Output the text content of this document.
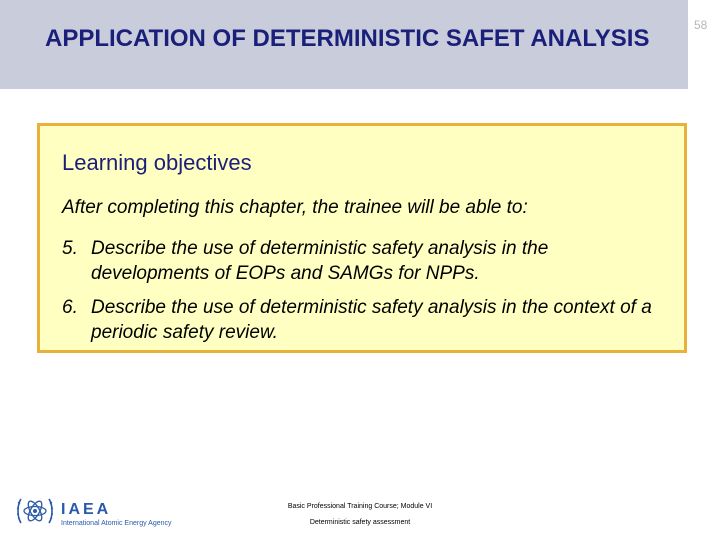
APPLICATION OF DETERMINISTIC SAFET ANALYSIS	58
Learning objectives
After completing this chapter, the trainee will be able to:
5. Describe the use of deterministic safety analysis in the developments of EOPs and SAMGs for NPPs.
6. Describe the use of deterministic safety analysis in the context of a periodic safety review.
IAEA
International Atomic Energy Agency
Basic Professional Training Course; Module VI
Deterministic safety assessment
